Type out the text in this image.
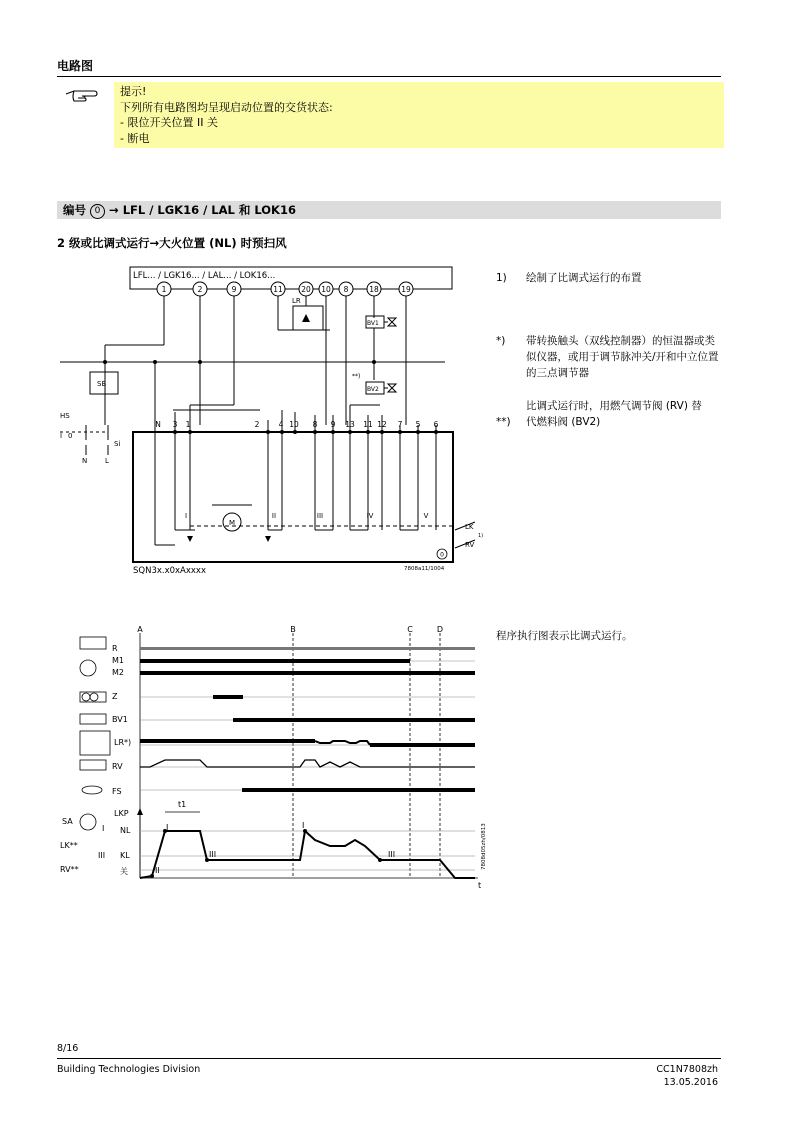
电路图
提示!
下列所有电路图均呈现启动位置的交货状态:
- 限位开关位置 II 关
- 断电
编号 0 → LFL / LGK16 / LAL 和 LOK16
2 级或比调式运行→大火位置 (NL) 时预扫风
1	2	9	11 20 10 8	18	19
LFL... / LGK16... / LAL... / LOK16...
N 3 1	2	4 10 8 9 13 11 12 7 5 6
I	II	III	IV	V
SB
HS
LR
BV1
BV2
M	LK
RV
Si
N	L
I 0
**)
1)
0
SQN3x.x0xAxxxx	7808a11/1004
1) 绘制了比调式运行的布置
*) 带转换触头（双线控制器）的恒温器或类似仪器，或用于调节脉冲关/开和中立位置的三点调节器
比调式运行时，用燃气调节阀 (RV) 替
**) 代燃料阀 (BV2)
A	B	C	D
R
M1
M2
Z
BV1
LR*)
RV
FS
LKP
NL
KL
关
SA
LK**
RV**
I
III
II
I
III
I
III
t1
t
7808d05zh/0813
程序执行图表示比调式运行。
8/16
Building Technologies Division	CC1N7808zh
13.05.2016
